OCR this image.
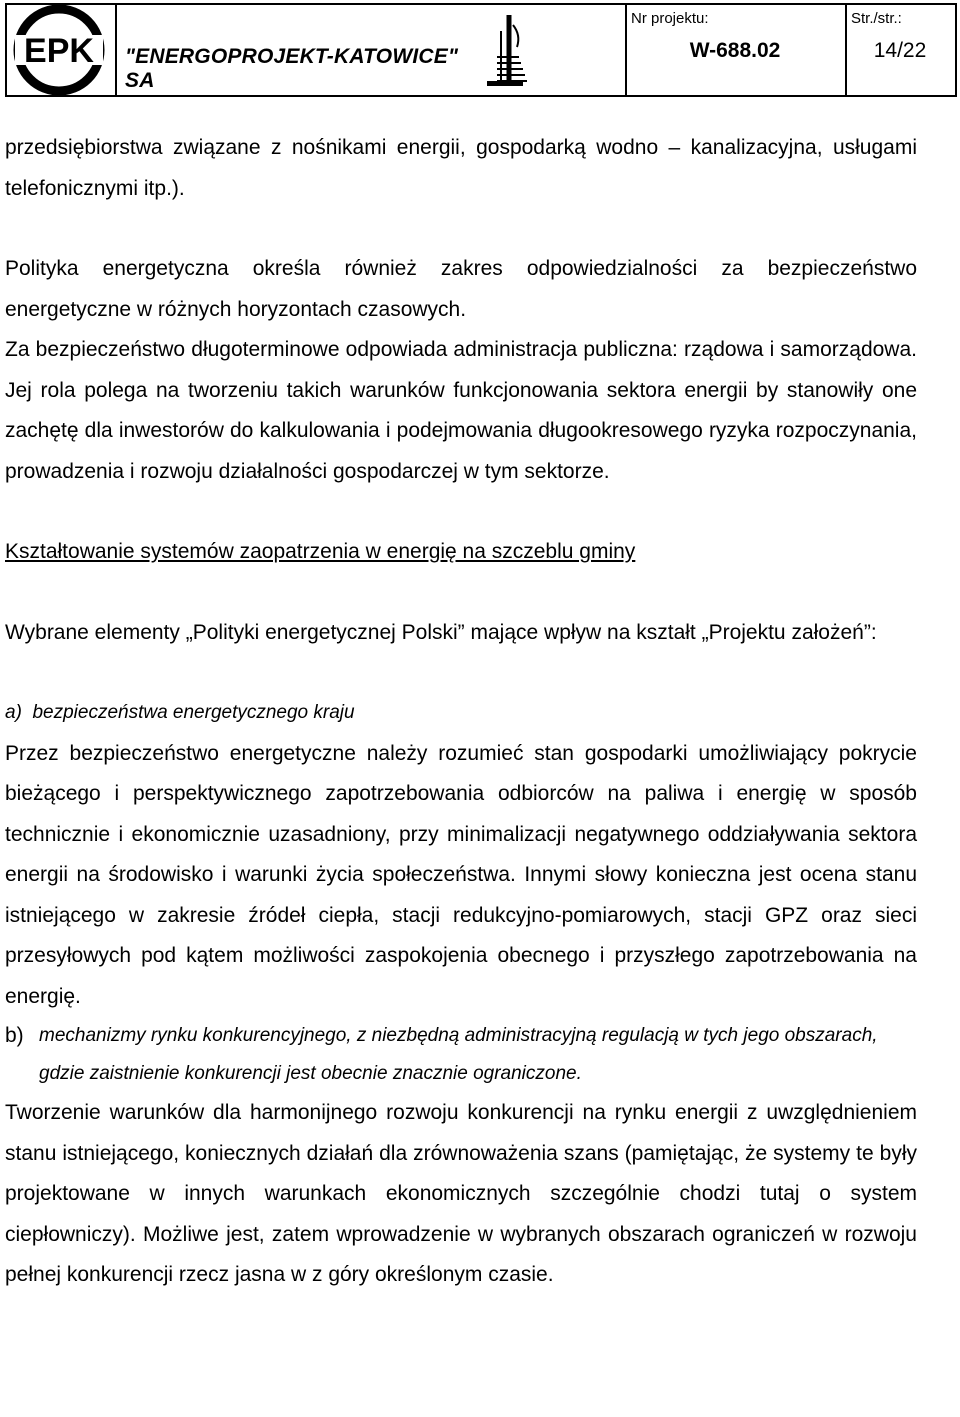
EPK "ENERGOPROJEKT-KATOWICE" SA
Nr projektu:
W-688.02
Str./str.:
14/22

przedsiębiorstwa związane z nośnikami energii, gospodarką wodno – kanalizacyjna, usługami telefonicznymi itp.).

Polityka energetyczna określa również zakres odpowiedzialności za bezpieczeństwo energetyczne w różnych horyzontach czasowych.

Za bezpieczeństwo długoterminowe odpowiada administracja publiczna: rządowa i samorządowa. Jej rola polega na tworzeniu takich warunków funkcjonowania sektora energii by stanowiły one zachętę dla inwestorów do kalkulowania i podejmowania długookresowego ryzyka rozpoczynania, prowadzenia i rozwoju działalności gospodarczej w tym sektorze.

Kształtowanie systemów zaopatrzenia w energię na szczeblu gminy

Wybrane elementy „Polityki energetycznej Polski” mające wpływ na kształt „Projektu założeń”:

a)  bezpieczeństwa energetycznego kraju

Przez bezpieczeństwo energetyczne należy rozumieć stan gospodarki umożliwiający pokrycie bieżącego i perspektywicznego zapotrzebowania odbiorców na paliwa i energię w sposób technicznie i ekonomicznie uzasadniony, przy minimalizacji negatywnego oddziaływania sektora energii na środowisko i warunki życia społeczeństwa. Innymi słowy konieczna jest ocena stanu istniejącego w zakresie źródeł ciepła, stacji redukcyjno-pomiarowych, stacji GPZ oraz sieci przesyłowych pod kątem możliwości zaspokojenia obecnego i przyszłego zapotrzebowania na energię.

b) mechanizmy rynku konkurencyjnego, z niezbędną administracyjną regulacją w tych jego obszarach, gdzie zaistnienie konkurencji jest obecnie znacznie ograniczone.

Tworzenie warunków dla harmonijnego rozwoju konkurencji na rynku energii z uwzględnieniem stanu istniejącego, koniecznych działań dla zrównoważenia szans (pamiętając, że systemy te były projektowane w innych warunkach ekonomicznych szczególnie chodzi tutaj o system ciepłowniczy). Możliwe jest, zatem wprowadzenie w wybranych obszarach ograniczeń w rozwoju pełnej konkurencji rzecz jasna w z góry określonym czasie.
